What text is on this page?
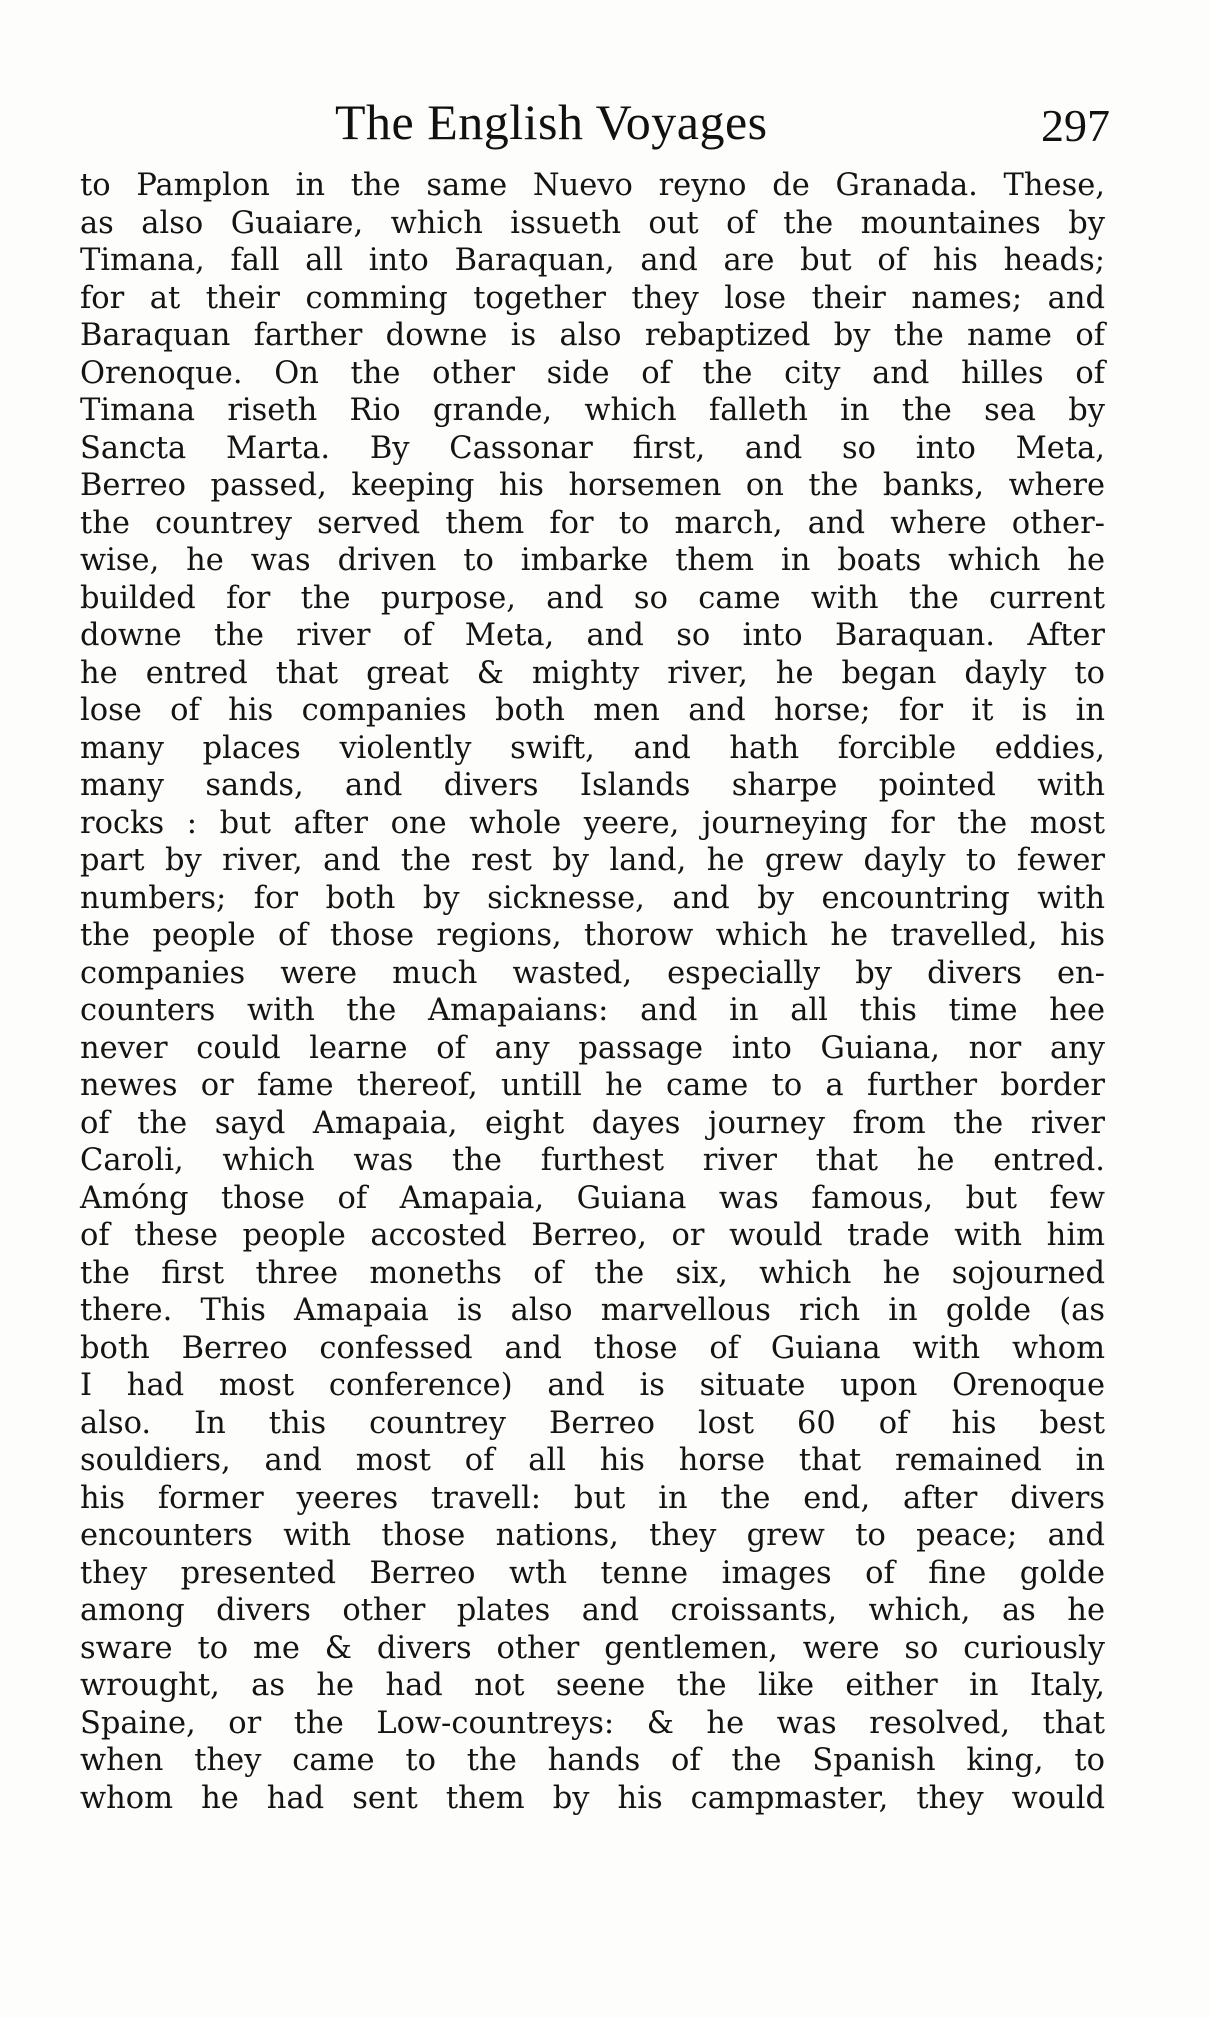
The English Voyages	297
to Pamplon in the same Nuevo reyno de Granada. These,
as also Guaiare, which issueth out of the mountaines by
Timana, fall all into Baraquan, and are but of his heads;
for at their comming together they lose their names; and
Baraquan farther downe is also rebaptized by the name of
Orenoque. On the other side of the city and hilles of
Timana riseth Rio grande, which falleth in the sea by
Sancta Marta. By Cassonar first, and so into Meta,
Berreo passed, keeping his horsemen on the banks, where
the countrey served them for to march, and where other-
wise, he was driven to imbarke them in boats which he
builded for the purpose, and so came with the current
downe the river of Meta, and so into Baraquan. After
he entred that great & mighty river, he began dayly to
lose of his companies both men and horse; for it is in
many places violently swift, and hath forcible eddies,
many sands, and divers Islands sharpe pointed with
rocks : but after one whole yeere, journeying for the most
part by river, and the rest by land, he grew dayly to fewer
numbers; for both by sicknesse, and by encountring with
the people of those regions, thorow which he travelled, his
companies were much wasted, especially by divers en-
counters with the Amapaians: and in all this time hee
never could learne of any passage into Guiana, nor any
newes or fame thereof, untill he came to a further border
of the sayd Amapaia, eight dayes journey from the river
Caroli, which was the furthest river that he entred.
Amóng those of Amapaia, Guiana was famous, but few
of these people accosted Berreo, or would trade with him
the first three moneths of the six, which he sojourned
there. This Amapaia is also marvellous rich in golde (as
both Berreo confessed and those of Guiana with whom
I had most conference) and is situate upon Orenoque
also. In this countrey Berreo lost 60 of his best
souldiers, and most of all his horse that remained in
his former yeeres travell: but in the end, after divers
encounters with those nations, they grew to peace; and
they presented Berreo wth tenne images of fine golde
among divers other plates and croissants, which, as he
sware to me & divers other gentlemen, were so curiously
wrought, as he had not seene the like either in Italy,
Spaine, or the Low-countreys: & he was resolved, that
when they came to the hands of the Spanish king, to
whom he had sent them by his campmaster, they would
